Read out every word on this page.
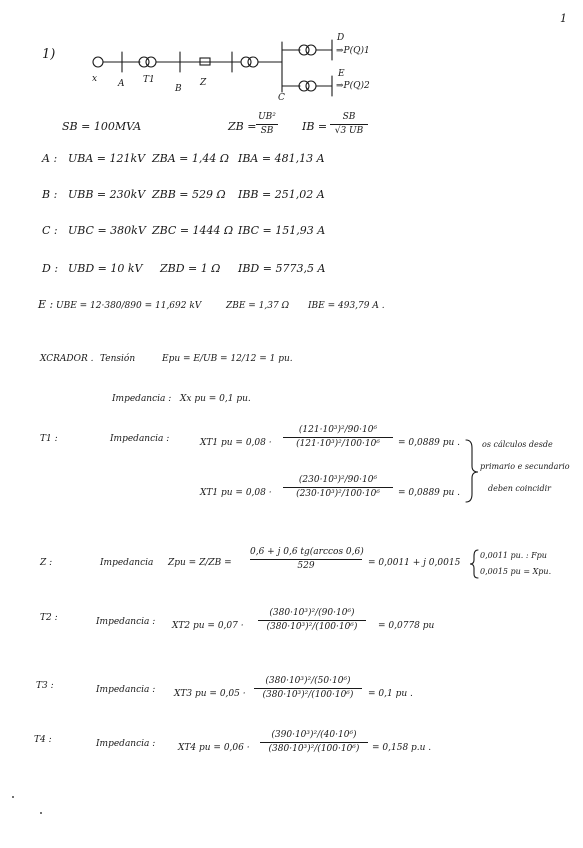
1
1)
x A T1
B
Z
C
D
E
⇒P(Q)1
⇒P(Q)2
SB = 100MVA	ZB =
UB²
SB	IB =
SB
√3 UB
A : UBA = 121kV ZBA = 1,44 Ω IBA = 481,13 A
B : UBB = 230kV ZBB = 529 Ω IBB = 251,02 A
C : UBC = 380kV ZBC = 1444 Ω IBC = 151,93 A
D : UBD = 10 kV ZBD = 1 Ω IBD = 5773,5 A
E : UBE = 12·380/890 = 11,692 kV	ZBE = 1,37 Ω IBE = 493,79 A .
XCRADOR . Tensión	Epu = E/UB = 12/12 = 1 pu.
Impedancia : Xx pu = 0,1 pu.
T1 :	Impedancia :	XT1 pu = 0,08 ·
(121·10³)²/90·10⁶
(121·10³)²/100·10⁶	= 0,0889 pu .
XT1 pu = 0,08 ·
(230·10³)²/90·10⁶
(230·10³)²/100·10⁶	= 0,0889 pu .
os cálculos desde
primario e secundario
deben coincidir
Z :	Impedancia Zpu = Z/ZB =
0,6 + j 0,6 tg(arccos 0,6)
529	= 0,0011 + j 0,0015
0,0011 pu. : Fpu
0,0015 pu = Xpu.
T2 :	Impedancia : XT2 pu = 0,07 ·
(380·10³)²/(90·10⁶)
(380·10³)²/(100·10⁶)	= 0,0778 pu
T3 :	Impedancia : XT3 pu = 0,05 ·
(380·10³)²/(50·10⁶)
(380·10³)²/(100·10⁶)	= 0,1 pu .
T4 :	Impedancia :	XT4 pu = 0,06 ·
(390·10³)²/(40·10⁶)
(380·10³)²/(100·10⁶)	= 0,158 p.u .
